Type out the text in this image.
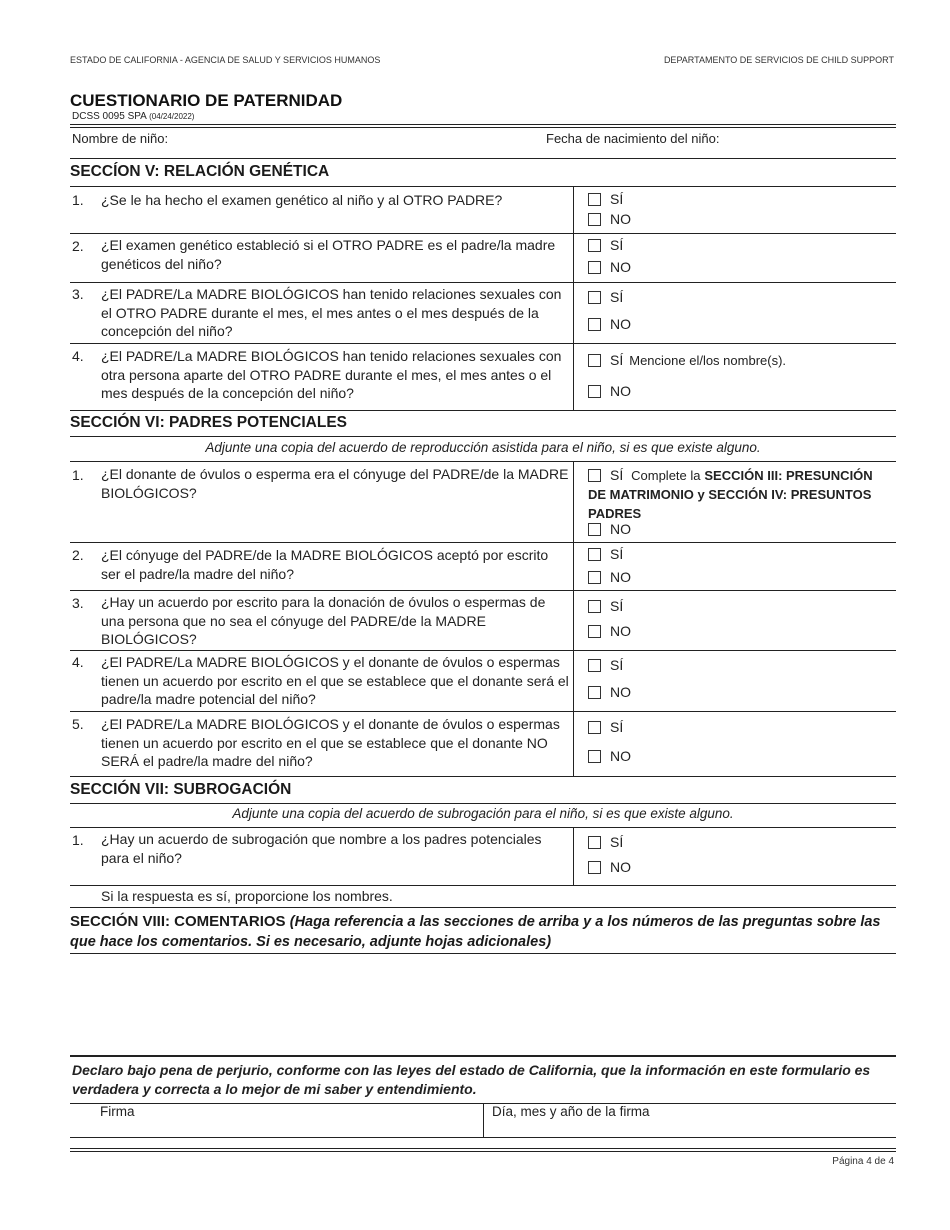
ESTADO DE CALIFORNIA - AGENCIA DE SALUD Y SERVICIOS HUMANOS	DEPARTAMENTO DE SERVICIOS DE CHILD SUPPORT
CUESTIONARIO DE PATERNIDAD
DCSS 0095 SPA (04/24/2022)
Nombre de niño:	Fecha de nacimiento del niño:
SECCÍON V: RELACIÓN GENÉTICA
1. ¿Se le ha hecho el examen genético al niño y al OTRO PADRE?	SÍ
NO
2. ¿El examen genético estableció si el OTRO PADRE es el padre/la madre genéticos del niño?
SÍ
NO
3. ¿El PADRE/La MADRE BIOLÓGICOS han tenido relaciones sexuales con el OTRO PADRE durante el mes, el mes antes o el mes después de la concepción del niño?
SÍ
NO
4. ¿El PADRE/La MADRE BIOLÓGICOS han tenido relaciones sexuales con otra persona aparte del OTRO PADRE durante el mes, el mes antes o el mes después de la concepción del niño?
SÍ Mencione el/los nombre(s).
NO
SECCIÓN VI: PADRES POTENCIALES
Adjunte una copia del acuerdo de reproducción asistida para el niño, si es que existe alguno.
1. ¿El donante de óvulos o esperma era el cónyuge del PADRE/de la MADRE BIOLÓGICOS?
SÍ Complete la SECCIÓN III: PRESUNCIÓN DE MATRIMONIO y SECCIÓN IV: PRESUNTOS PADRES
NO
2. ¿El cónyuge del PADRE/de la MADRE BIOLÓGICOS aceptó por escrito ser el padre/la madre del niño?
SÍ
NO
3. ¿Hay un acuerdo por escrito para la donación de óvulos o espermas de una persona que no sea el cónyuge del PADRE/de la MADRE BIOLÓGICOS?
SÍ
NO
4. ¿El PADRE/La MADRE BIOLÓGICOS y el donante de óvulos o espermas tienen un acuerdo por escrito en el que se establece que el donante será el padre/la madre potencial del niño?
SÍ
NO
5. ¿El PADRE/La MADRE BIOLÓGICOS y el donante de óvulos o espermas tienen un acuerdo por escrito en el que se establece que el donante NO SERÁ el padre/la madre del niño?
SÍ
NO
SECCIÓN VII: SUBROGACIÓN
Adjunte una copia del acuerdo de subrogación para el niño, si es que existe alguno.
1. ¿Hay un acuerdo de subrogación que nombre a los padres potenciales para el niño?
SÍ
NO
Si la respuesta es sí, proporcione los nombres.
SECCIÓN VIII: COMENTARIOS (Haga referencia a las secciones de arriba y a los números de las preguntas sobre las que hace los comentarios. Si es necesario, adjunte hojas adicionales)
Declaro bajo pena de perjurio, conforme con las leyes del estado de California, que la información en este formulario es verdadera y correcta a lo mejor de mi saber y entendimiento.
Firma	Día, mes y año de la firma
Página 4 de 4
